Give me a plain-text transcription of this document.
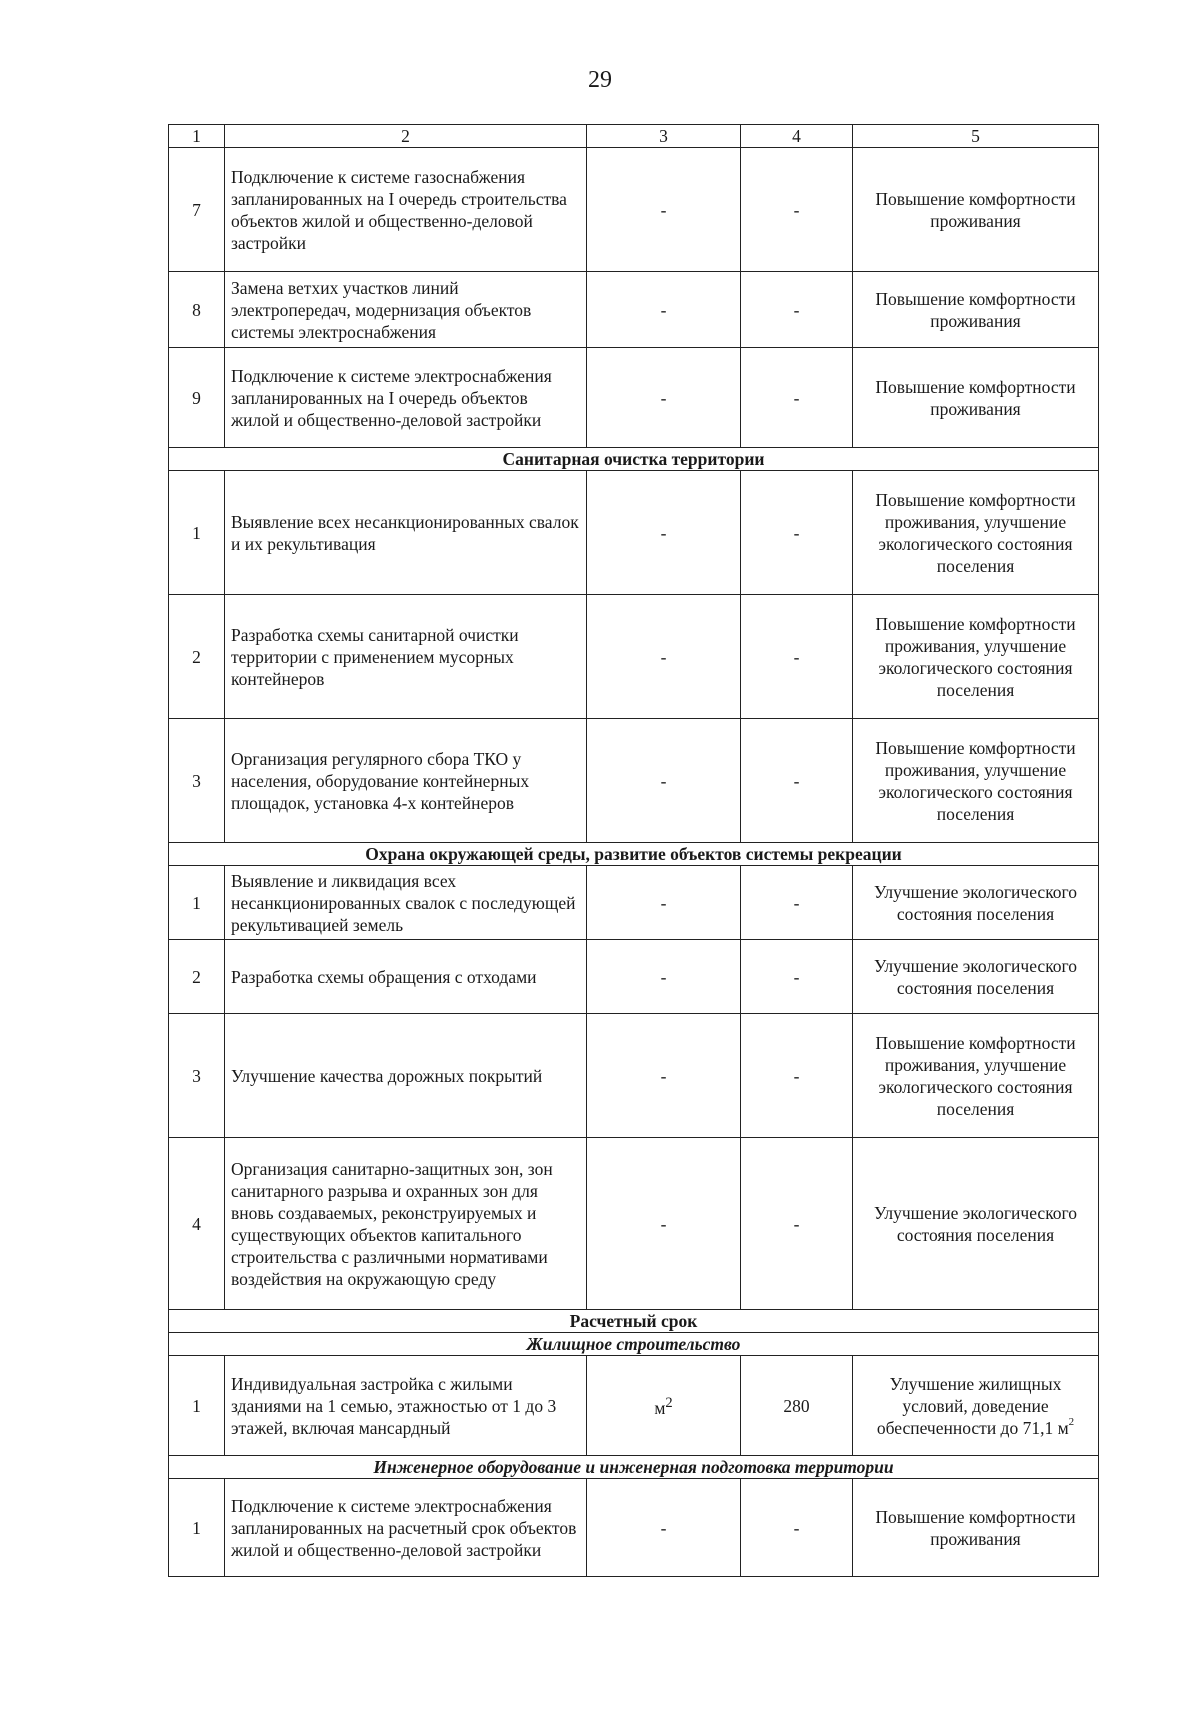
29
1	2	3	4	5
7	Подключение к системе газоснабжения запланированных на I очередь строительства объектов жилой и общественно-деловой застройки	-	-	Повышение комфортности проживания
8	Замена ветхих участков линий электропередач, модернизация объектов системы электроснабжения	-	-	Повышение комфортности проживания
9	Подключение к системе электроснабжения запланированных на I очередь объектов жилой и общественно-деловой застройки	-	-	Повышение комфортности проживания
Санитарная очистка территории				
1	Выявление всех несанкционированных свалок и их рекультивация	-	-	Повышение комфортности проживания, улучшение экологического состояния поселения
2	Разработка схемы санитарной очистки территории с применением мусорных контейнеров	-	-	Повышение комфортности проживания, улучшение экологического состояния поселения
3	Организация регулярного сбора ТКО у населения, оборудование контейнерных площадок, установка 4-х контейнеров	-	-	Повышение комфортности проживания, улучшение экологического состояния поселения
Охрана окружающей среды, развитие объектов системы рекреации				
1	Выявление и ликвидация всех несанкционированных свалок с последующей рекультивацией земель	-	-	Улучшение экологического состояния поселения
2	Разработка схемы обращения с отходами	-	-	Улучшение экологического состояния поселения
3	Улучшение качества дорожных покрытий	-	-	Повышение комфортности проживания, улучшение экологического состояния поселения
4	Организация санитарно-защитных зон, зон санитарного разрыва и охранных зон для вновь создаваемых, реконструируемых и существующих объектов капитального строительства с различными нормативами воздействия на окружающую среду	-	-	Улучшение экологического состояния поселения
Расчетный срок				
Жилищное строительство				
1	Индивидуальная застройка с жилыми зданиями на 1 семью, этажностью от 1 до 3 этажей, включая мансардный	$м^2$	280	Улучшение жилищных условий, доведение обеспеченности до 71,1 $м^2$
Инженерное оборудование и инженерная подготовка территории				
1	Подключение к системе электроснабжения запланированных на расчетный срок объектов жилой и общественно-деловой застройки	-	-	Повышение комфортности проживания
